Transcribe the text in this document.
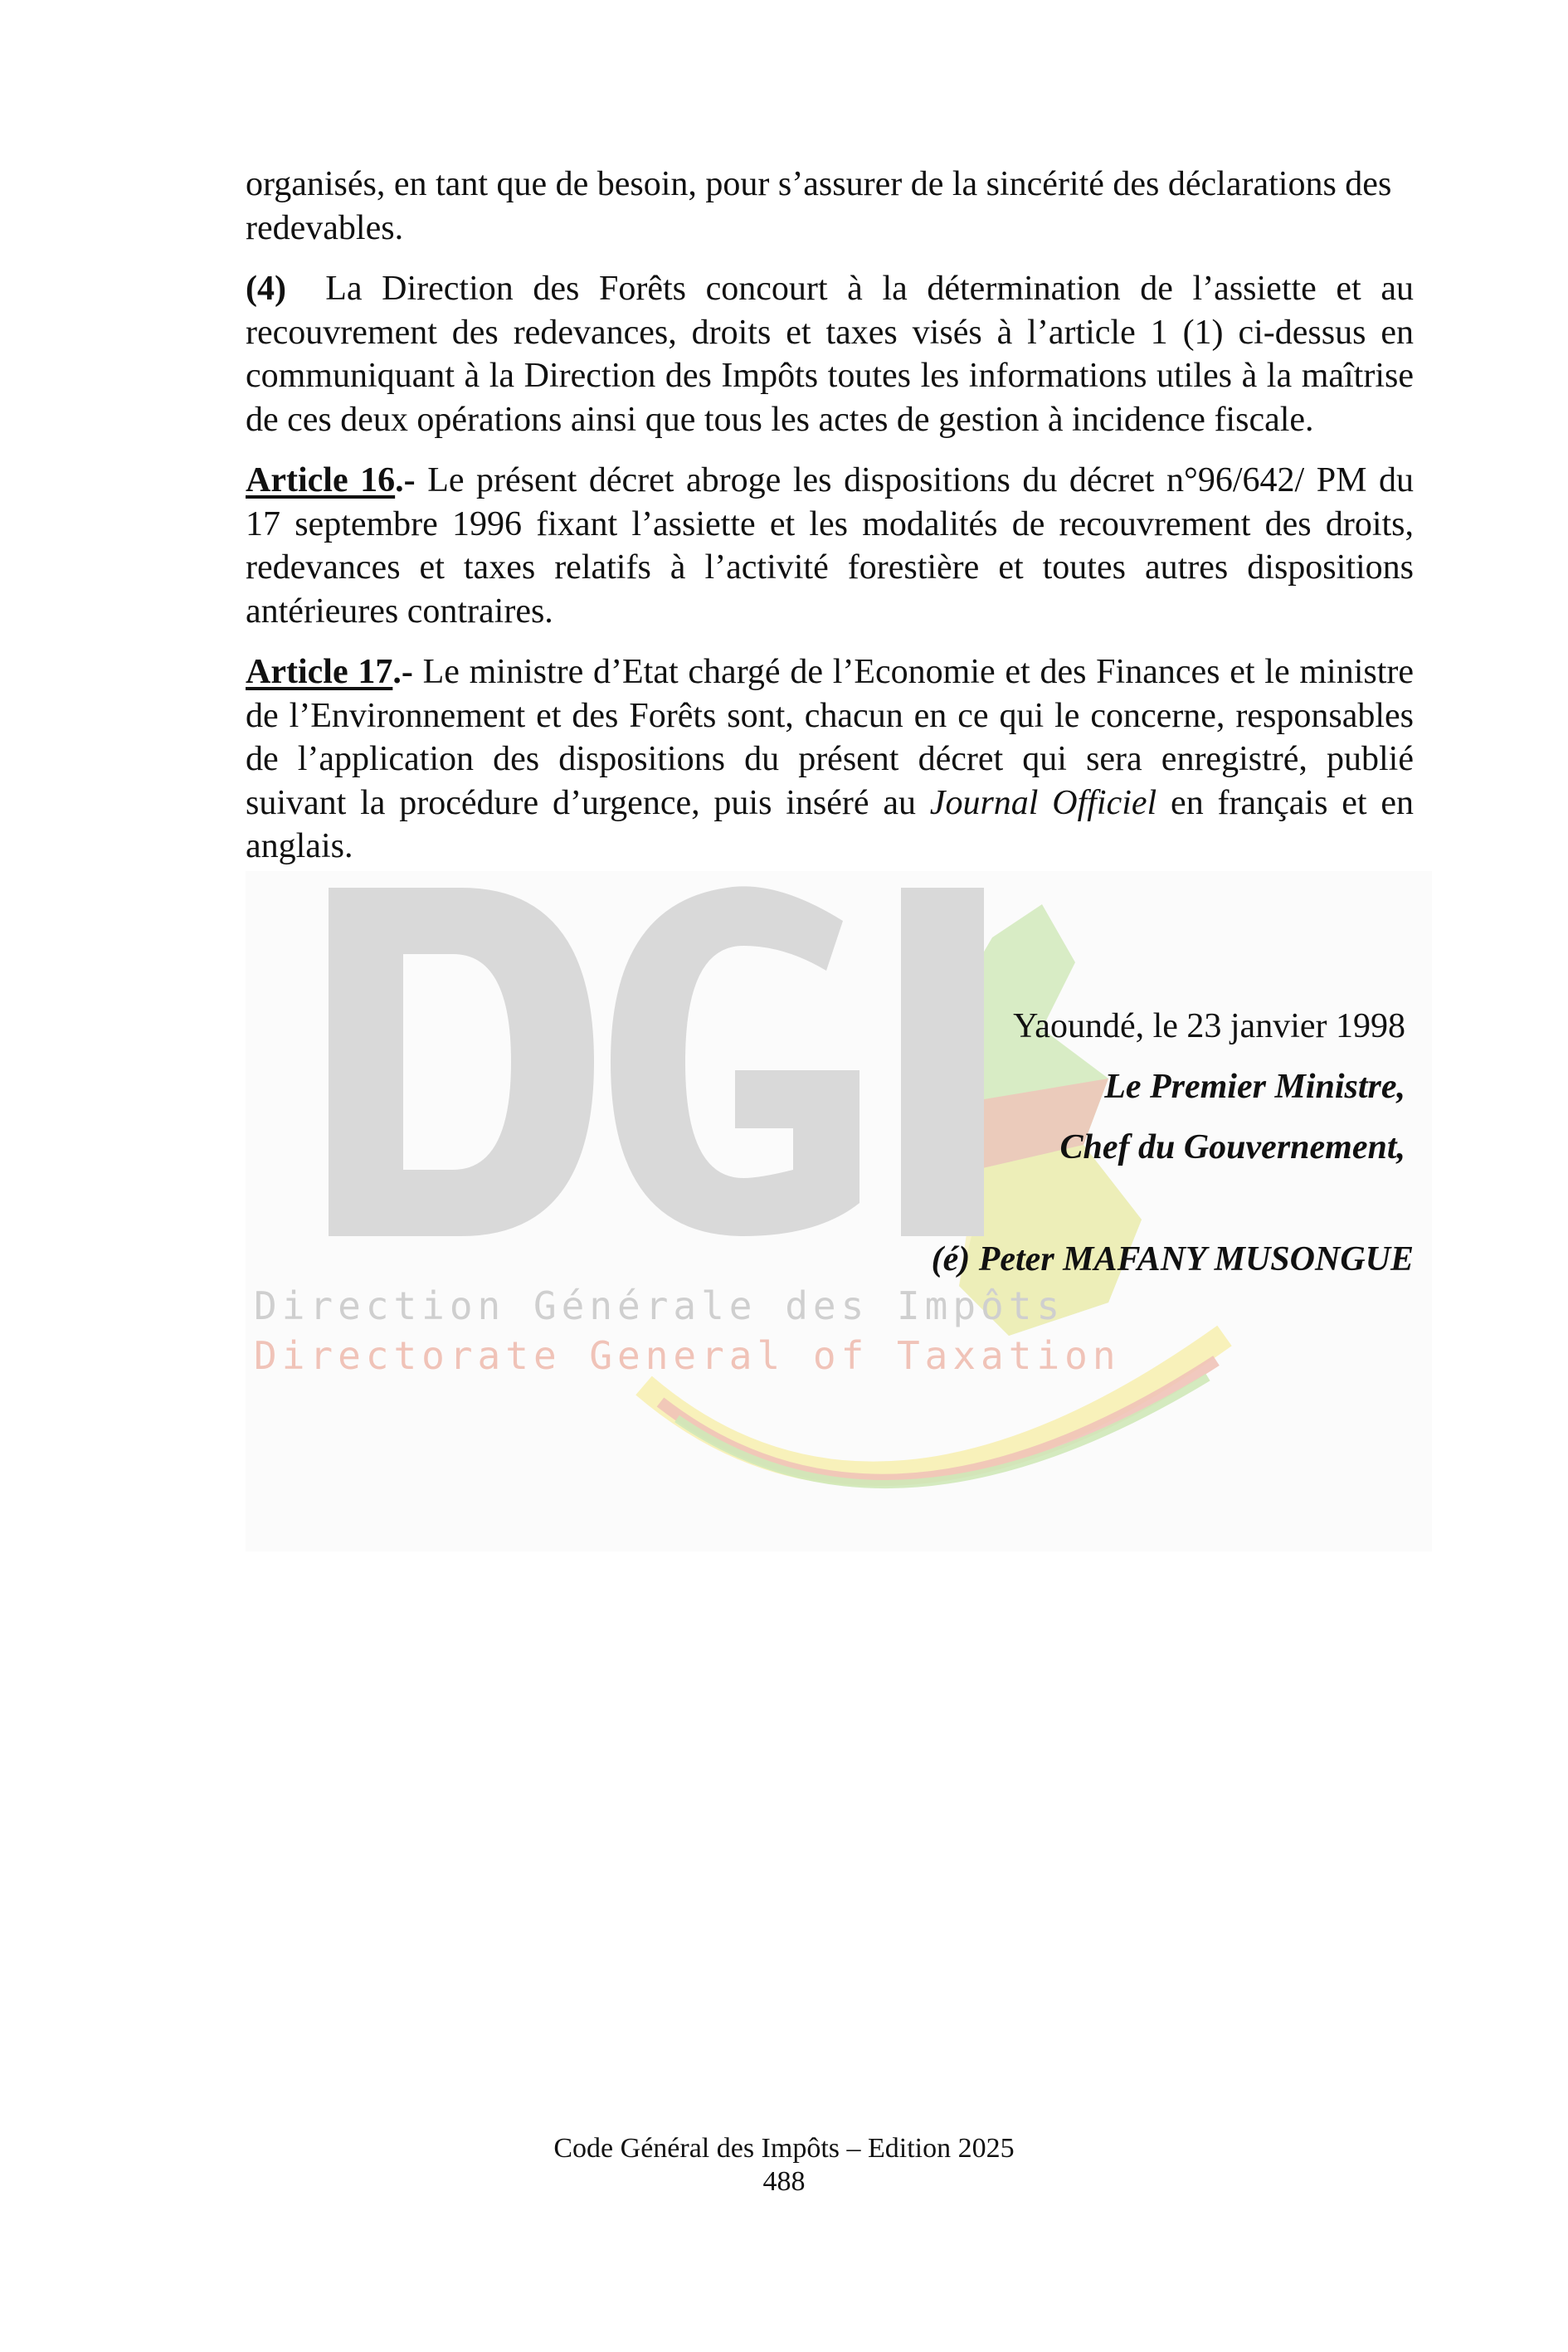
Direction Générale des Impôts
Directorate General of Taxation

organisés, en tant que de besoin, pour s’assurer de la sincérité des déclarations des redevables.

(4) La Direction des Forêts concourt à la détermination de l’assiette et au recouvrement des redevances, droits et taxes visés à l’article 1 (1) ci-dessus en communiquant à la Direction des Impôts toutes les informations utiles à la maîtrise de ces deux opérations ainsi que tous les actes de gestion à incidence fiscale.

Article 16.- Le présent décret abroge les dispositions du décret n°96/642/ PM du 17 septembre 1996 fixant l’assiette et les modalités de recouvrement des droits, redevances et taxes relatifs à l’activité forestière et toutes autres dispositions antérieures contraires.

Article 17.- Le ministre d’Etat chargé de l’Economie et des Finances et le ministre de l’Environnement et des Forêts sont, chacun en ce qui le concerne, responsables de l’application des dispositions du présent décret qui sera enregistré, publié suivant la procédure d’urgence, puis inséré au Journal Officiel en français et en anglais.

Yaoundé, le 23 janvier 1998
Le Premier Ministre,
Chef du Gouvernement,
(é) Peter MAFANY MUSONGUE
Code Général des Impôts – Edition 2025
488
